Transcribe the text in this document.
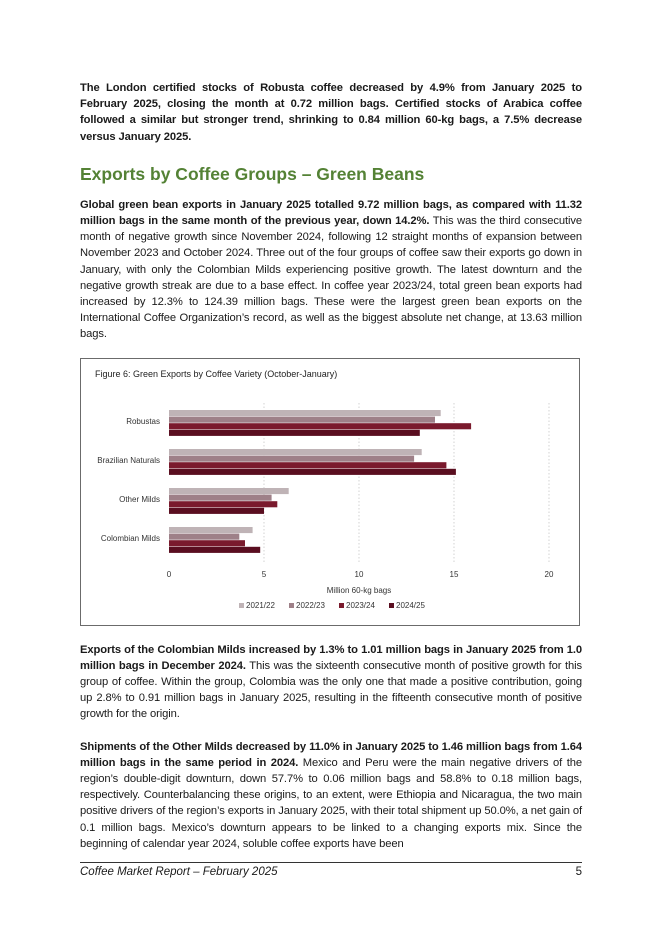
The London certified stocks of Robusta coffee decreased by 4.9% from January 2025 to February 2025, closing the month at 0.72 million bags. Certified stocks of Arabica coffee followed a similar but stronger trend, shrinking to 0.84 million 60-kg bags, a 7.5% decrease versus January 2025.

Exports by Coffee Groups – Green Beans

Global green bean exports in January 2025 totalled 9.72 million bags, as compared with 11.32 million bags in the same month of the previous year, down 14.2%. This was the third consecutive month of negative growth since November 2024, following 12 straight months of expansion between November 2023 and October 2024. Three out of the four groups of coffee saw their exports go down in January, with only the Colombian Milds experiencing positive growth. The latest downturn and the negative growth streak are due to a base effect. In coffee year 2023/24, total green bean exports had increased by 12.3% to 124.39 million bags. These were the largest green bean exports on the International Coffee Organization’s record, as well as the biggest absolute net change, at 13.63 million bags.

Figure 6: Green Exports by Coffee Variety (October-January)
0	5	10	15	20
Robustas
Brazilian Naturals
Other Milds
Colombian Milds
Million 60-kg bags
2021/22	2022/23	2023/24	2024/25

Exports of the Colombian Milds increased by 1.3% to 1.01 million bags in January 2025 from 1.0 million bags in December 2024. This was the sixteenth consecutive month of positive growth for this group of coffee. Within the group, Colombia was the only one that made a positive contribution, going up 2.8% to 0.91 million bags in January 2025, resulting in the fifteenth consecutive month of positive growth for the origin.

Shipments of the Other Milds decreased by 11.0% in January 2025 to 1.46 million bags from 1.64 million bags in the same period in 2024. Mexico and Peru were the main negative drivers of the region’s double-digit downturn, down 57.7% to 0.06 million bags and 58.8% to 0.18 million bags, respectively. Counterbalancing these origins, to an extent, were Ethiopia and Nicaragua, the two main positive drivers of the region’s exports in January 2025, with their total shipment up 50.0%, a net gain of 0.1 million bags. Mexico’s downturn appears to be linked to a changing exports mix. Since the beginning of calendar year 2024, soluble coffee exports have been

Coffee Market Report – February 2025	5
